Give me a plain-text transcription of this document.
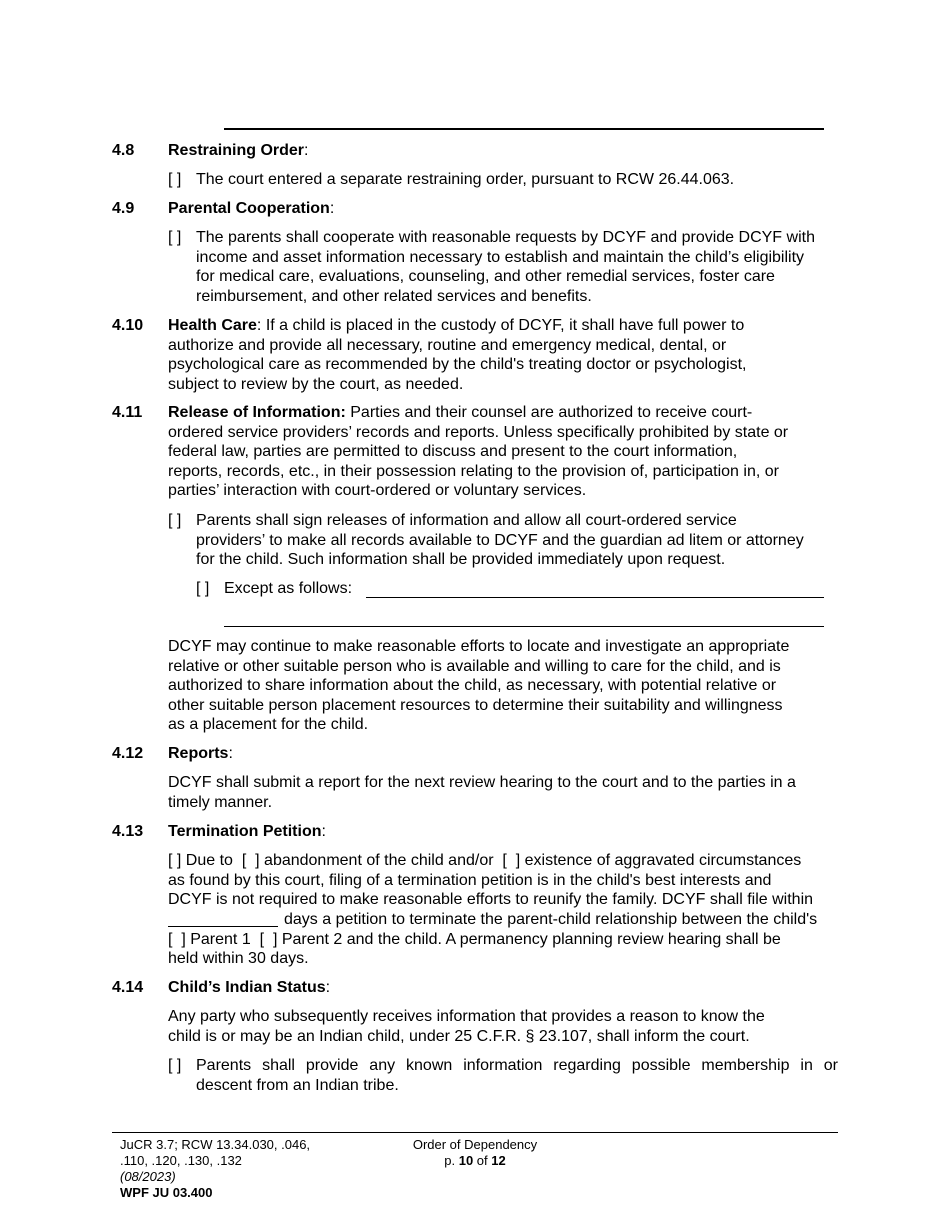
4.8 Restraining Order:
[ ] The court entered a separate restraining order, pursuant to RCW 26.44.063.
4.9 Parental Cooperation:
[ ] The parents shall cooperate with reasonable requests by DCYF and provide DCYF with
income and asset information necessary to establish and maintain the child’s eligibility
for medical care, evaluations, counseling, and other remedial services, foster care
reimbursement, and other related services and benefits.
4.10 Health Care: If a child is placed in the custody of DCYF, it shall have full power to
authorize and provide all necessary, routine and emergency medical, dental, or
psychological care as recommended by the child's treating doctor or psychologist,
subject to review by the court, as needed.
4.11 Release of Information: Parties and their counsel are authorized to receive court-
ordered service providers’ records and reports. Unless specifically prohibited by state or
federal law, parties are permitted to discuss and present to the court information,
reports, records, etc., in their possession relating to the provision of, participation in, or
parties’ interaction with court-ordered or voluntary services.
[ ] Parents shall sign releases of information and allow all court-ordered service
providers’ to make all records available to DCYF and the guardian ad litem or attorney
for the child. Such information shall be provided immediately upon request.
[ ] Except as follows:
DCYF may continue to make reasonable efforts to locate and investigate an appropriate
relative or other suitable person who is available and willing to care for the child, and is
authorized to share information about the child, as necessary, with potential relative or
other suitable person placement resources to determine their suitability and willingness
as a placement for the child.
4.12 Reports:
DCYF shall submit a report for the next review hearing to the court and to the parties in a
timely manner.
4.13 Termination Petition:
[ ] Due to  [  ] abandonment of the child and/or  [  ] existence of aggravated circumstances
as found by this court, filing of a termination petition is in the child's best interests and
DCYF is not required to make reasonable efforts to reunify the family. DCYF shall file within
days a petition to terminate the parent-child relationship between the child's
[  ] Parent 1  [  ] Parent 2 and the child. A permanency planning review hearing shall be
held within 30 days.
4.14 Child’s Indian Status:
Any party who subsequently receives information that provides a reason to know the
child is or may be an Indian child, under 25 C.F.R. § 23.107, shall inform the court.
[ ] Parents shall provide any known information regarding possible membership in or
descent from an Indian tribe.
JuCR 3.7; RCW 13.34.030, .046,
.110, .120, .130, .132
(08/2023)
WPF JU 03.400
Order of Dependency
p. 10 of 12
